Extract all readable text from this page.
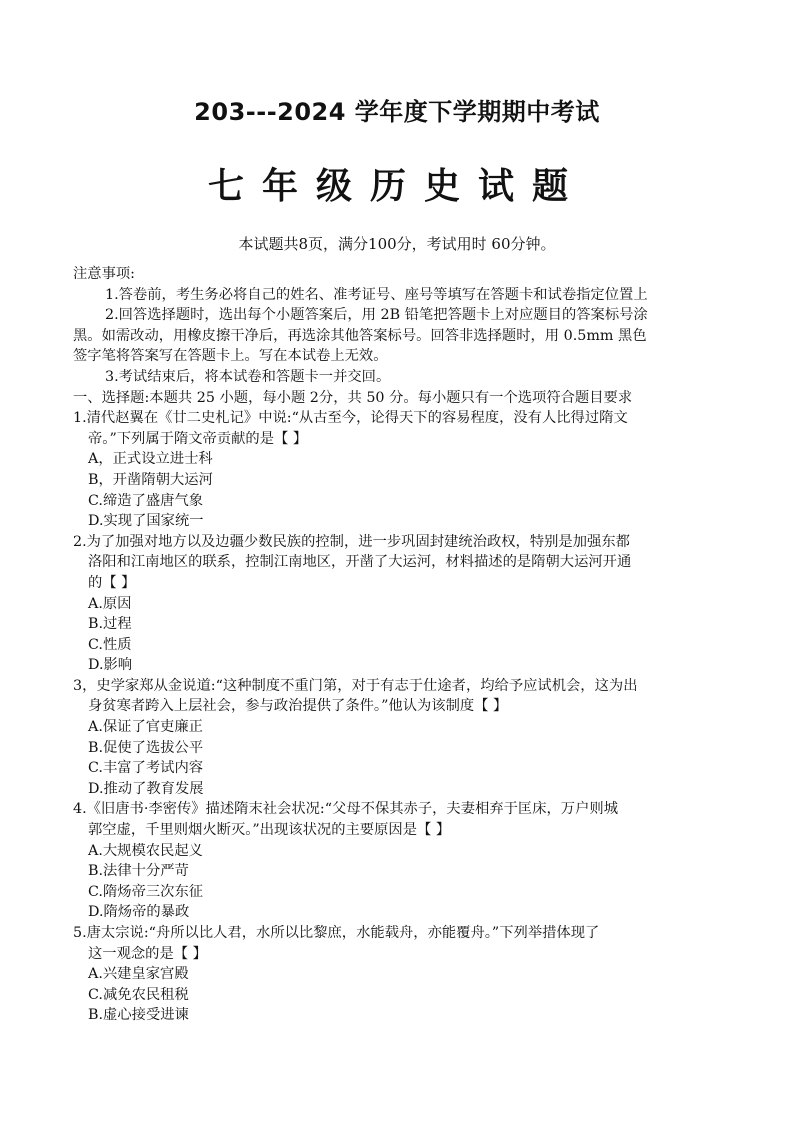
203---2024 学年度下学期期中考试
七年级历史试题
本试题共8页，满分100分，考试用时 60分钟。
注意事项:
1.答卷前，考生务必将自己的姓名、准考证号、座号等填写在答题卡和试卷指定位置上
2.回答选择题时，选出每个小题答案后，用 2B 铅笔把答题卡上对应题目的答案标号涂
黑。如需改动，用橡皮擦干净后，再选涂其他答案标号。回答非选择题时，用 0.5mm 黑色
签字笔将答案写在答题卡上。写在本试卷上无效。
3.考试结束后，将本试卷和答题卡一并交回。
一、选择题:本题共 25 小题，每小题 2分，共 50 分。每小题只有一个选项符合题目要求
1.清代赵翼在《廿二史札记》中说:“从古至今，论得天下的容易程度，没有人比得过隋文
帝。”下列属于隋文帝贡献的是【 】
A，正式设立进士科
B，开凿隋朝大运河
C.缔造了盛唐气象
D.实现了国家统一
2.为了加强对地方以及边疆少数民族的控制，进一步巩固封建统治政权，特别是加强东都
洛阳和江南地区的联系，控制江南地区，开凿了大运河，材料描述的是隋朝大运河开通
的【 】
A.原因
B.过程
C.性质
D.影响
3，史学家郑从金说道:“这种制度不重门第，对于有志于仕途者，均给予应试机会，这为出
身贫寒者跨入上层社会，参与政治提供了条件。”他认为该制度【 】
A.保证了官吏廉正
B.促使了选拔公平
C.丰富了考试内容
D.推动了教育发展
4.《旧唐书·李密传》描述隋末社会状况:“父母不保其赤子，夫妻相弃于匡床，万户则城
郭空虚，千里则烟火断灭。”出现该状况的主要原因是【 】
A.大规模农民起义
B.法律十分严苛
C.隋炀帝三次东征
D.隋炀帝的暴政
5.唐太宗说:“舟所以比人君，水所以比黎庶，水能载舟，亦能覆舟。”下列举措体现了
这一观念的是【 】
A.兴建皇家宫殿
C.减免农民租税
B.虚心接受进谏
